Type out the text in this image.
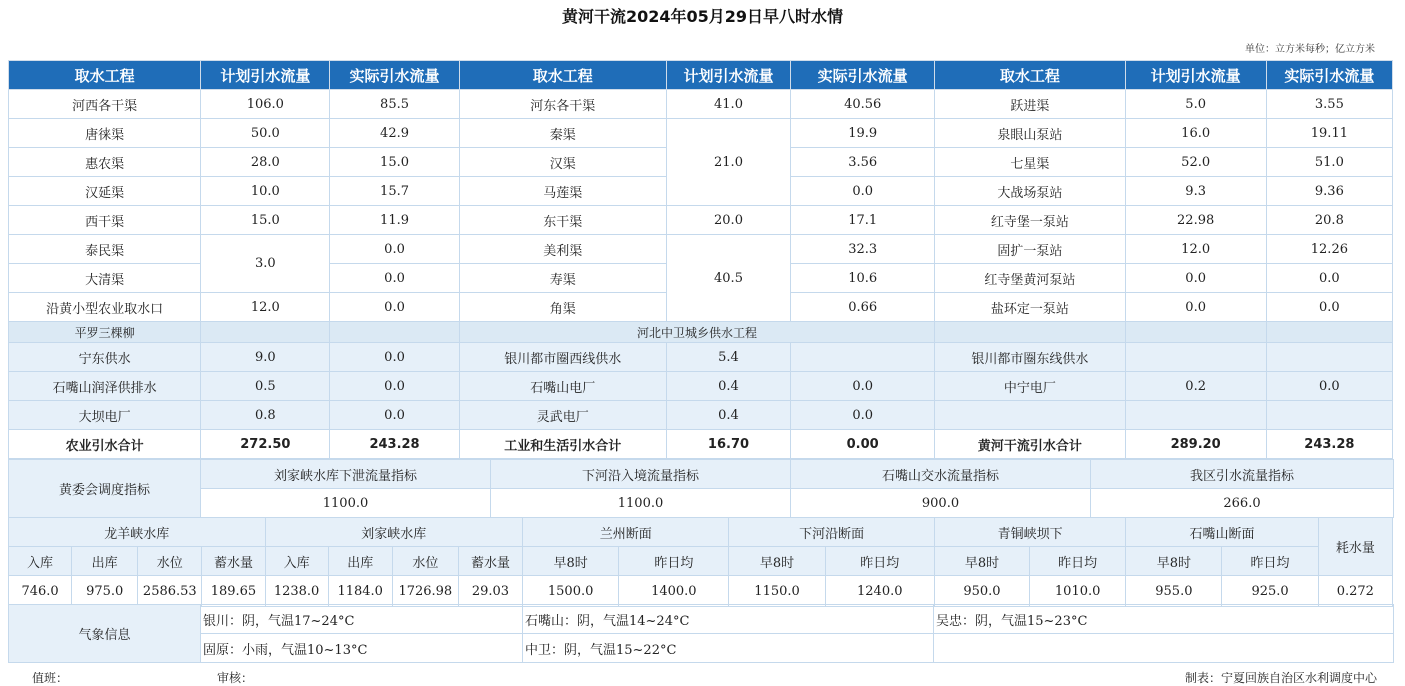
黄河干流2024年05月29日早八时水情
单位：立方米每秒；亿立方米
取水工程	计划引水流量	实际引水流量	取水工程	计划引水流量	实际引水流量	取水工程	计划引水流量	实际引水流量
河西各干渠	106.0	85.5	河东各干渠	41.0	40.56	跃进渠	5.0	3.55
唐徕渠	50.0	42.9	秦渠	21.0	19.9	泉眼山泵站	16.0	19.11
惠农渠	28.0	15.0	汉渠		3.56	七星渠	52.0	51.0
汉延渠	10.0	15.7	马莲渠		0.0	大战场泵站	9.3	9.36
西干渠	15.0	11.9	东干渠	20.0	17.1	红寺堡一泵站	22.98	20.8
泰民渠	3.0	0.0	美利渠	40.5	32.3	固扩一泵站	12.0	12.26
大清渠		0.0	寿渠		10.6	红寺堡黄河泵站	0.0	0.0
沿黄小型农业取水口	12.0	0.0	角渠		0.66	盐环定一泵站	0.0	0.0
平罗三棵柳			河北中卫城乡供水工程					
宁东供水	9.0	0.0	银川都市圈西线供水	5.4		银川都市圈东线供水		
石嘴山润泽供排水	0.5	0.0	石嘴山电厂	0.4	0.0	中宁电厂	0.2	0.0
大坝电厂	0.8	0.0	灵武电厂	0.4	0.0			
农业引水合计	272.50	243.28	工业和生活引水合计	16.70	0.00	黄河干流引水合计	289.20	243.28
黄委会调度指标	刘家峡水库下泄流量指标	下河沿入境流量指标	石嘴山交水流量指标	我区引水流量指标
	1100.0	1100.0	900.0	266.0
龙羊峡水库				刘家峡水库				兰州断面		下河沿断面		青铜峡坝下		石嘴山断面		耗水量
入库	出库	水位	蓄水量	入库	出库	水位	蓄水量	早8时	昨日均	早8时	昨日均	早8时	昨日均	早8时	昨日均	
746.0	975.0	2586.53	189.65	1238.0	1184.0	1726.98	29.03	1500.0	1400.0	1150.0	1240.0	950.0	1010.0	955.0	925.0	0.272
气象信息	银川：阴，气温17~24°C	石嘴山：阴，气温14~24°C	吴忠：阴，气温15~23°C
	固原：小雨，气温10~13°C	中卫：阴，气温15~22°C	
值班：	审核：	制表：宁夏回族自治区水利调度中心
